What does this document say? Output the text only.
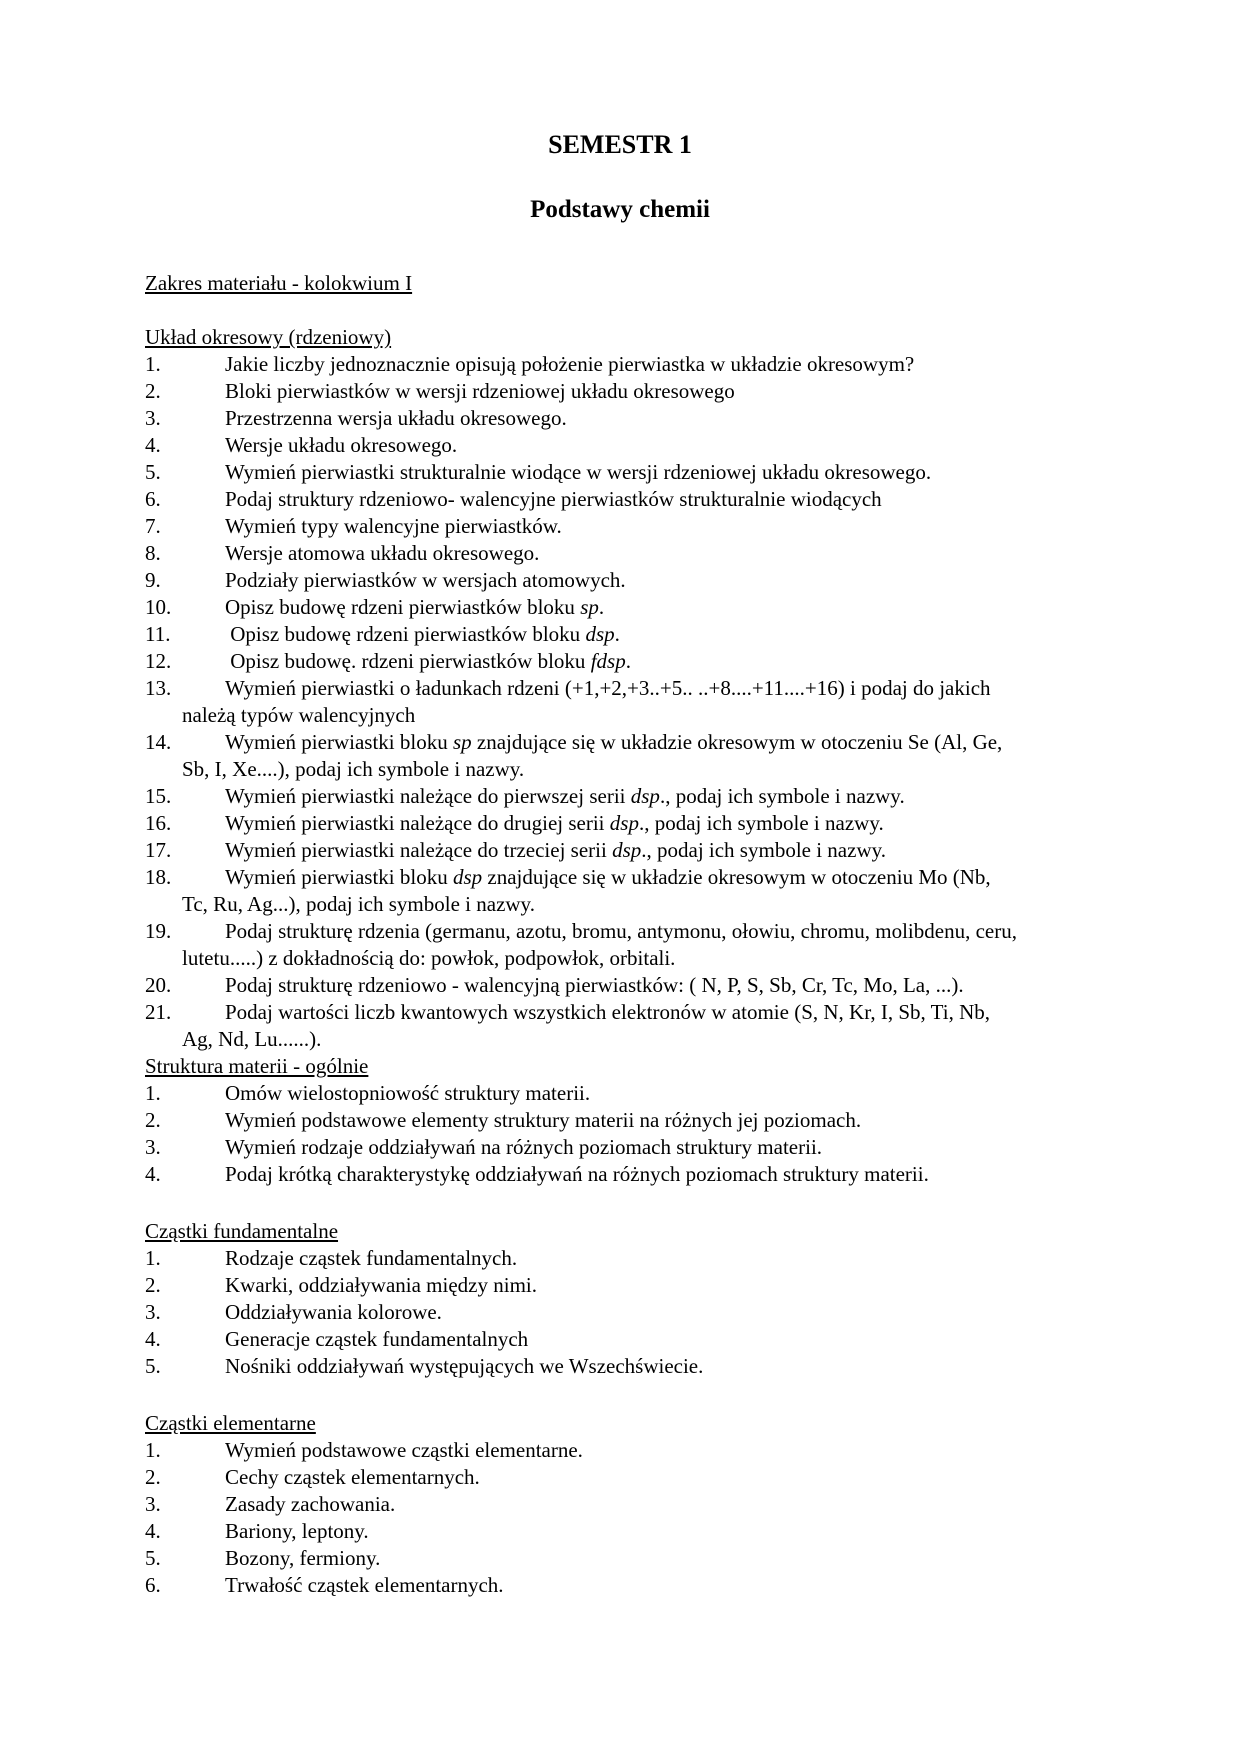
SEMESTR 1
Podstawy chemii

Zakres materiału - kolokwium I

Układ okresowy (rdzeniowy)
1.	Jakie liczby jednoznacznie opisują położenie pierwiastka w układzie okresowym?
2.	Bloki pierwiastków w wersji rdzeniowej układu okresowego
3.	Przestrzenna wersja układu okresowego.
4.	Wersje układu okresowego.
5.	Wymień pierwiastki strukturalnie wiodące w wersji rdzeniowej układu okresowego.
6.	Podaj struktury rdzeniowo- walencyjne pierwiastków strukturalnie wiodących
7.	Wymień typy walencyjne pierwiastków.
8.	Wersje atomowa układu okresowego.
9.	Podziały pierwiastków w wersjach atomowych.
10.	Opisz budowę rdzeni pierwiastków bloku sp.
11.	Opisz budowę rdzeni pierwiastków bloku dsp.
12.	Opisz budowę. rdzeni pierwiastków bloku fdsp.
13.	Wymień pierwiastki o ładunkach rdzeni (+1,+2,+3..+5.. ..+8....+11....+16) i podaj do jakich
należą typów walencyjnych
14.	Wymień pierwiastki bloku sp znajdujące się w układzie okresowym w otoczeniu Se (Al, Ge,
Sb, I, Xe....), podaj ich symbole i nazwy.
15.	Wymień pierwiastki należące do pierwszej serii dsp., podaj ich symbole i nazwy.
16.	Wymień pierwiastki należące do drugiej serii dsp., podaj ich symbole i nazwy.
17.	Wymień pierwiastki należące do trzeciej serii dsp., podaj ich symbole i nazwy.
18.	Wymień pierwiastki bloku dsp znajdujące się w układzie okresowym w otoczeniu Mo (Nb,
Tc, Ru, Ag...), podaj ich symbole i nazwy.
19.	Podaj strukturę rdzenia (germanu, azotu, bromu, antymonu, ołowiu, chromu, molibdenu, ceru,
lutetu.....) z dokładnością do: powłok, podpowłok, orbitali.
20.	Podaj strukturę rdzeniowo - walencyjną pierwiastków: ( N, P, S, Sb, Cr, Tc, Mo, La, ...).
21.	Podaj wartości liczb kwantowych wszystkich elektronów w atomie (S, N, Kr, I, Sb, Ti, Nb,
Ag, Nd, Lu......).
Struktura materii - ogólnie
1.	Omów wielostopniowość struktury materii.
2.	Wymień podstawowe elementy struktury materii na różnych jej poziomach.
3.	Wymień rodzaje oddziaływań na różnych poziomach struktury materii.
4.	Podaj krótką charakterystykę oddziaływań na różnych poziomach struktury materii.
Cząstki fundamentalne
1.	Rodzaje cząstek fundamentalnych.
2.	Kwarki, oddziaływania między nimi.
3.	Oddziaływania kolorowe.
4.	Generacje cząstek fundamentalnych
5.	Nośniki oddziaływań występujących we Wszechświecie.
Cząstki elementarne
1.	Wymień podstawowe cząstki elementarne.
2.	Cechy cząstek elementarnych.
3.	Zasady zachowania.
4.	Bariony, leptony.
5.	Bozony, fermiony.
6.	Trwałość cząstek elementarnych.
